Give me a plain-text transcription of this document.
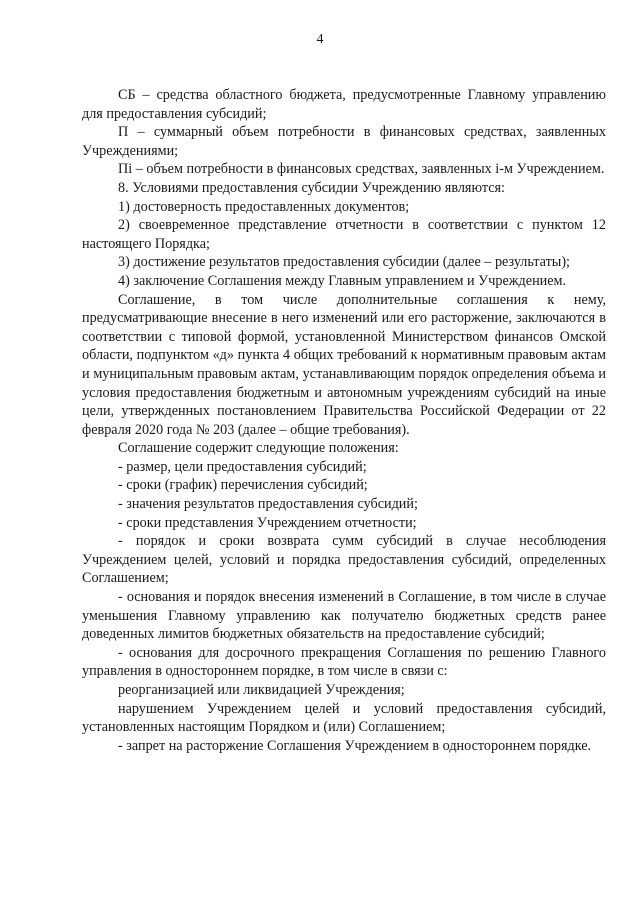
4

СБ – средства областного бюджета, предусмотренные Главному управлению для предоставления субсидий;

П – суммарный объем потребности в финансовых средствах, заявленных Учреждениями;

Пi – объем потребности в финансовых средствах, заявленных i-м Учреждением.

8. Условиями предоставления субсидии Учреждению являются:

1) достоверность предоставленных документов;

2) своевременное представление отчетности в соответствии с пунктом 12 настоящего Порядка;

3) достижение результатов предоставления субсидии (далее – результаты);

4) заключение Соглашения между Главным управлением и Учреждением.

Соглашение, в том числе дополнительные соглашения к нему, предусматривающие внесение в него изменений или его расторжение, заключаются в соответствии с типовой формой, установленной Министерством финансов Омской области, подпунктом «д» пункта 4 общих требований к нормативным правовым актам и муниципальным правовым актам, устанавливающим порядок определения объема и условия предоставления бюджетным и автономным учреждениям субсидий на иные цели, утвержденных постановлением Правительства Российской Федерации от 22 февраля 2020 года № 203 (далее – общие требования).

Соглашение содержит следующие положения:

- размер, цели предоставления субсидий;

- сроки (график) перечисления субсидий;

- значения результатов предоставления субсидий;

- сроки представления Учреждением отчетности;

- порядок и сроки возврата сумм субсидий в случае несоблюдения Учреждением целей, условий и порядка предоставления субсидий, определенных Соглашением;

- основания и порядок внесения изменений в Соглашение, в том числе в случае уменьшения Главному управлению как получателю бюджетных средств ранее доведенных лимитов бюджетных обязательств на предоставление субсидий;

- основания для досрочного прекращения Соглашения по решению Главного управления в одностороннем порядке, в том числе в связи с:

реорганизацией или ликвидацией Учреждения;

нарушением Учреждением целей и условий предоставления субсидий, установленных настоящим Порядком и (или) Соглашением;

- запрет на расторжение Соглашения Учреждением в одностороннем порядке.
